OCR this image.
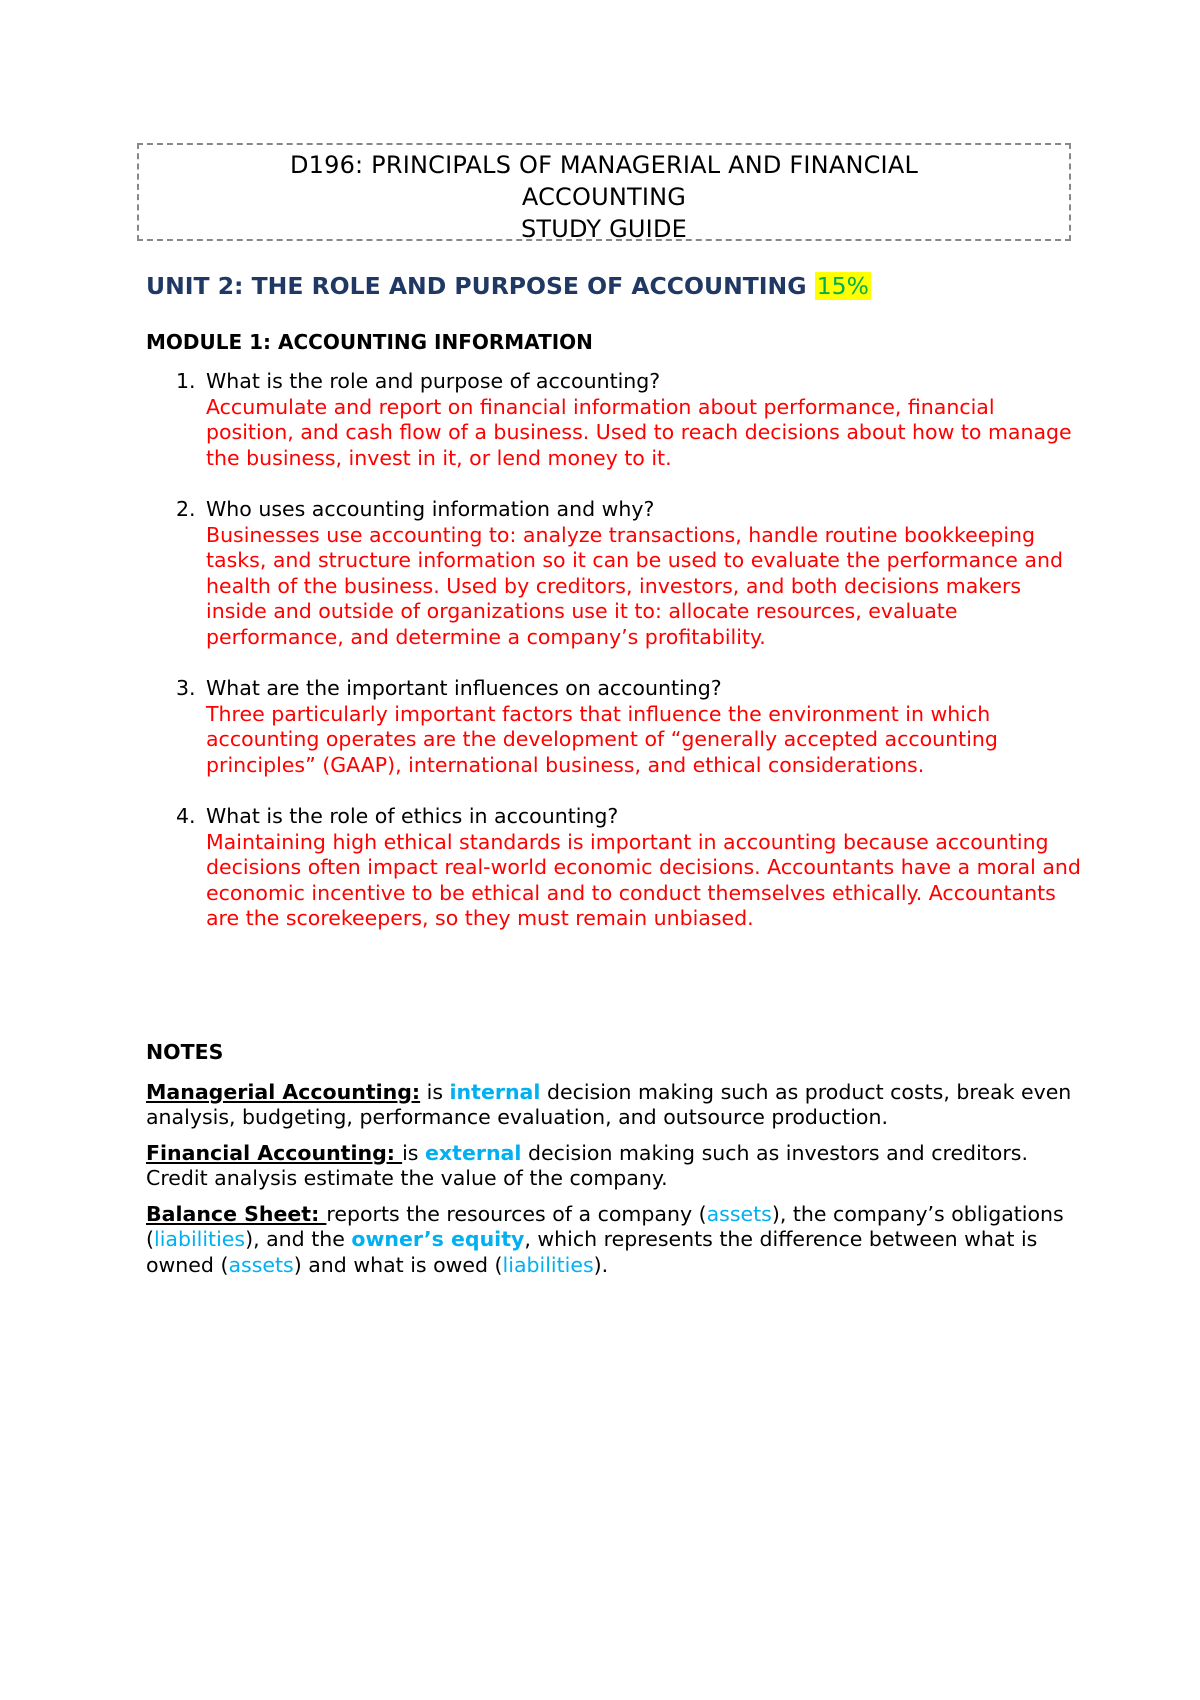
D196: PRINCIPALS OF MANAGERIAL AND FINANCIAL
ACCOUNTING
STUDY GUIDE
UNIT 2: THE ROLE AND PURPOSE OF ACCOUNTING 15%
MODULE 1: ACCOUNTING INFORMATION
1. What is the role and purpose of accounting?
Accumulate and report on financial information about performance, financial position, and cash flow of a business. Used to reach decisions about how to manage the business, invest in it, or lend money to it.
2. Who uses accounting information and why?
Businesses use accounting to: analyze transactions, handle routine bookkeeping tasks, and structure information so it can be used to evaluate the performance and health of the business. Used by creditors, investors, and both decisions makers inside and outside of organizations use it to: allocate resources, evaluate performance, and determine a company’s profitability.
3. What are the important influences on accounting?
Three particularly important factors that influence the environment in which accounting operates are the development of “generally accepted accounting principles” (GAAP), international business, and ethical considerations.
4. What is the role of ethics in accounting?
Maintaining high ethical standards is important in accounting because accounting decisions often impact real-world economic decisions. Accountants have a moral and economic incentive to be ethical and to conduct themselves ethically. Accountants are the scorekeepers, so they must remain unbiased.
NOTES

Managerial Accounting: is internal decision making such as product costs, break even analysis, budgeting, performance evaluation, and outsource production.

Financial Accounting: is external decision making such as investors and creditors. Credit analysis estimate the value of the company.

Balance Sheet: reports the resources of a company (assets), the company’s obligations (liabilities), and the owner’s equity, which represents the difference between what is owned (assets) and what is owed (liabilities).
